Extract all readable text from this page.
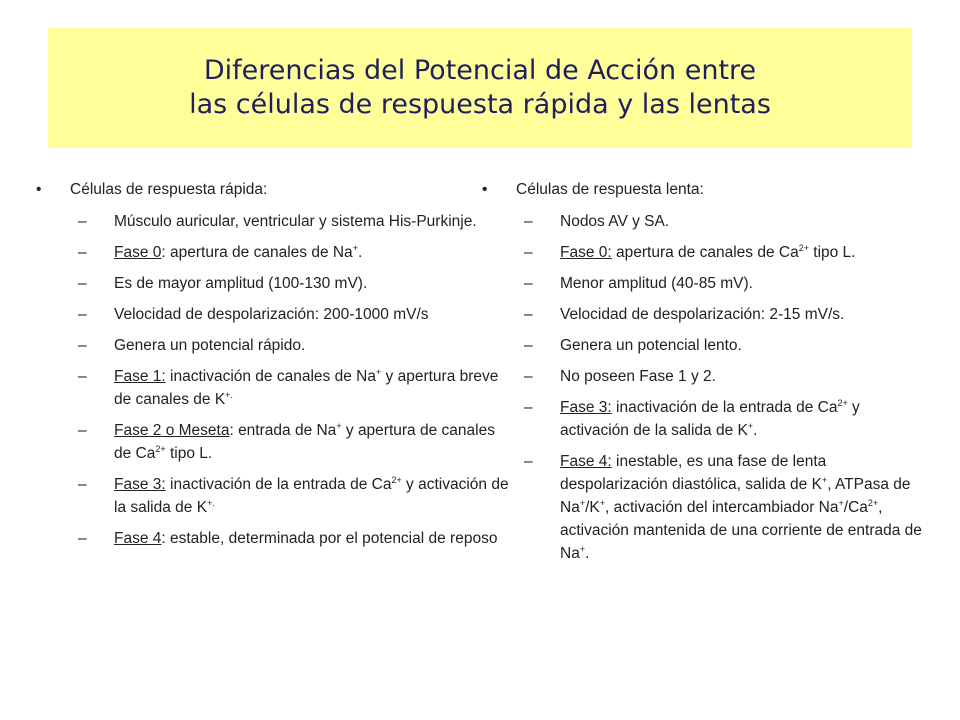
Diferencias del Potencial de Acción entre
las células de respuesta rápida y las lentas
• Células de respuesta rápida:
– Músculo auricular, ventricular y sistema His-Purkinje.
– Fase 0: apertura de canales de Na+.
– Es de mayor amplitud (100-130 mV).
– Velocidad de despolarización: 200-1000 mV/s
– Genera un potencial rápido.
– Fase 1: inactivación de canales de Na+ y apertura breve de canales de K+.
– Fase 2 o Meseta: entrada de Na+ y apertura de canales de $Ca^{2+}$ tipo L.
– Fase 3: inactivación de la entrada de $Ca^{2+}$ y activación de la salida de K+.
– Fase 4: estable, determinada por el potencial de reposo
• Células de respuesta lenta:
– Nodos AV y SA.
– Fase 0: apertura de canales de $Ca^{2+}$ tipo L.
– Menor amplitud (40-85 mV).
– Velocidad de despolarización: 2-15 mV/s.
– Genera un potencial lento.
– No poseen Fase 1 y 2.
– Fase 3: inactivación de la entrada de $Ca^{2+}$ y activación de la salida de K+.
– Fase 4: inestable, es una fase de lenta despolarización diastólica, salida de K+, ATPasa de Na+/K+, activación del intercambiador $Na^+/Ca^{2+}$, activación mantenida de una corriente de entrada de Na+.
